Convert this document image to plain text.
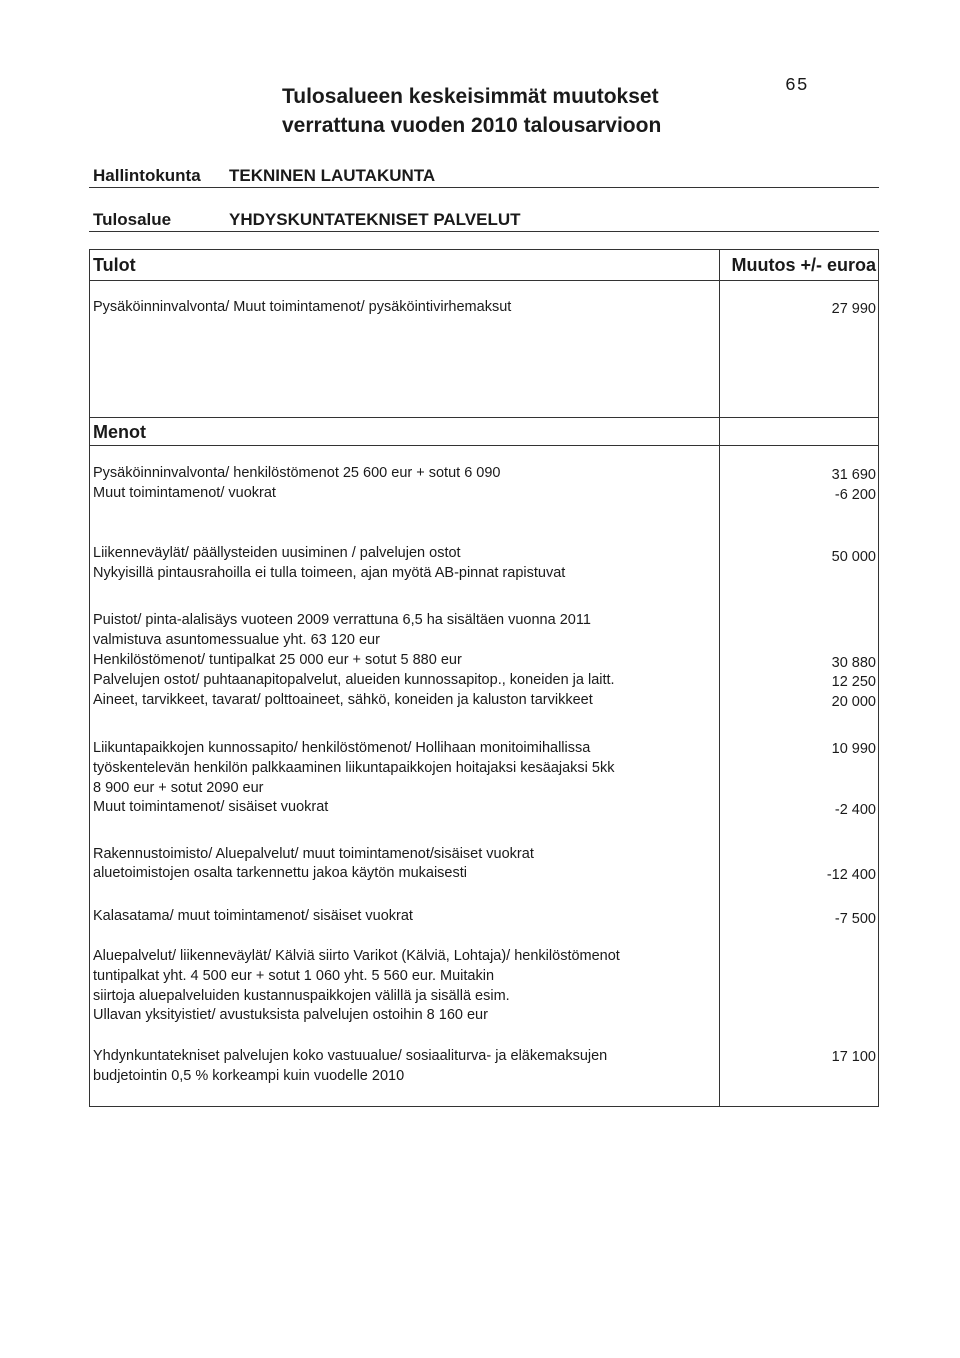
65
Tulosalueen keskeisimmät muutokset
verrattuna vuoden 2010 talousarvioon
Hallintokunta TEKNINEN LAUTAKUNTA
Tulosalue	YHDYSKUNTATEKNISET PALVELUT
Tulot	Muutos +/- euroa
Pysäköinninvalvonta/ Muut toimintamenot/ pysäköintivirhemaksut	27 990
Menot
Pysäköinninvalvonta/ henkilöstömenot 25 600 eur + sotut 6 090	31 690
Muut toimintamenot/ vuokrat	-6 200
Liikenneväylät/ päällysteiden uusiminen / palvelujen ostot	50 000
Nykyisillä pintausrahoilla ei tulla toimeen, ajan myötä AB-pinnat rapistuvat
Puistot/ pinta-alalisäys vuoteen 2009 verrattuna 6,5 ha sisältäen vuonna 2011
valmistuva asuntomessualue yht. 63 120 eur
Henkilöstömenot/ tuntipalkat 25 000 eur + sotut 5 880 eur	30 880
Palvelujen ostot/ puhtaanapitopalvelut, alueiden kunnossapitop., koneiden ja laitt.	12 250
Aineet, tarvikkeet, tavarat/ polttoaineet, sähkö, koneiden ja kaluston tarvikkeet	20 000
Liikuntapaikkojen kunnossapito/ henkilöstömenot/ Hollihaan monitoimihallissa	10 990
työskentelevän henkilön palkkaaminen liikuntapaikkojen hoitajaksi kesäajaksi 5kk
8 900 eur + sotut 2090 eur
Muut toimintamenot/ sisäiset vuokrat	-2 400
Rakennustoimisto/ Aluepalvelut/ muut toimintamenot/sisäiset vuokrat
aluetoimistojen osalta tarkennettu jakoa käytön mukaisesti	-12 400
Kalasatama/ muut toimintamenot/ sisäiset vuokrat	-7 500
Aluepalvelut/ liikenneväylät/ Kälviä siirto Varikot (Kälviä, Lohtaja)/ henkilöstömenot
tuntipalkat yht. 4 500 eur + sotut 1 060 yht. 5 560 eur. Muitakin
siirtoja aluepalveluiden kustannuspaikkojen välillä ja sisällä esim.
Ullavan yksityistiet/ avustuksista palvelujen ostoihin 8 160 eur
Yhdynkuntatekniset palvelujen koko vastuualue/ sosiaaliturva- ja eläkemaksujen	17 100
budjetointin 0,5 % korkeampi kuin vuodelle 2010
